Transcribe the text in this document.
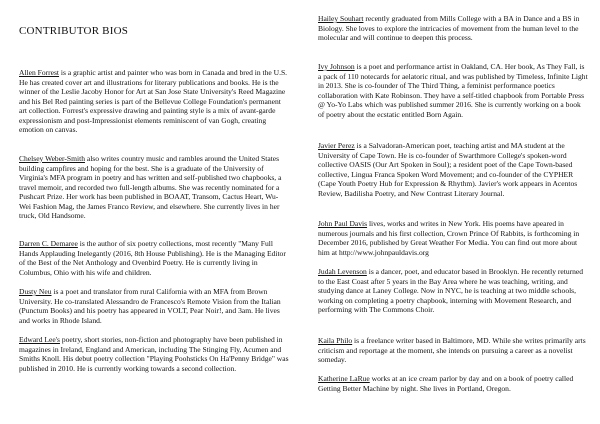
CONTRIBUTOR BIOS

Allen Forrest is a graphic artist and painter who was born in Canada and bred in the U.S. He has created cover art and illustrations for literary publications and books. He is the winner of the Leslie Jacoby Honor for Art at San Jose State University's Reed Magazine and his Bel Red painting series is part of the Bellevue College Foundation's permanent art collection. Forrest's expressive drawing and painting style is a mix of avant-garde expressionism and post-Impressionist elements reminiscent of van Gogh, creating emotion on canvas.

Chelsey Weber-Smith also writes country music and rambles around the United States building campfires and hoping for the best. She is a graduate of the University of Virginia's MFA program in poetry and has written and self-published two chapbooks, a travel memoir, and recorded two full-length albums. She was recently nominated for a Pushcart Prize. Her work has been published in BOAAT, Transom, Cactus Heart, Wu-Wei Fashion Mag, the James Franco Review, and elsewhere. She currently lives in her truck, Old Handsome.

Darren C. Demaree is the author of six poetry collections, most recently "Many Full Hands Applauding Inelegantly (2016, 8th House Publishing). He is the Managing Editor of the Best of the Net Anthology and Ovenbird Poetry. He is currently living in Columbus, Ohio with his wife and children.

Dusty Neu is a poet and translator from rural California with an MFA from Brown University. He co-translated Alessandro de Francesco's Remote Vision from the Italian (Punctum Books) and his poetry has appeared in VOLT, Pear Noir!, and 3am. He lives and works in Rhode Island.

Edward Lee's poetry, short stories, non-fiction and photography have been published in magazines in Ireland, England and American, including The Stinging Fly, Acumen and Smiths Knoll. His debut poetry collection "Playing Poohsticks On Ha'Penny Bridge" was published in 2010. He is currently working towards a second collection.

Hailey Souhart recently graduated from Mills College with a BA in Dance and a BS in Biology. She loves to explore the intricacies of movement from the human level to the molecular and will continue to deepen this process.

Ivy Johnson is a poet and performance artist in Oakland, CA. Her book, As They Fall, is a pack of 110 notecards for aelatoric ritual, and was published by Timeless, Infinite Light in 2013. She is co-founder of The Third Thing, a feminist performance poetics collaboration with Kate Robinson. They have a self-titled chapbook from Portable Press @ Yo-Yo Labs which was published summer 2016. She is currently working on a book of poetry about the ecstatic entitled Born Again.

Javier Perez is a Salvadoran-American poet, teaching artist and MA student at the University of Cape Town. He is co-founder of Swarthmore College's spoken-word collective OASIS (Our Art Spoken in Soul); a resident poet of the Cape Town-based collective, Lingua Franca Spoken Word Movement; and co-founder of the CYPHER (Cape Youth Poetry Hub for Expression & Rhythm). Javier's work appears in Acentos Review, Badilisha Poetry, and New Contrast Literary Journal.

John Paul Davis lives, works and writes in New York. His poems have apeared in numerous journals and his first collection, Crown Prince Of Rabbits, is forthcoming in December 2016, published by Great Weather For Media. You can find out more about him at http://www.johnpauldavis.org

Judah Levenson is a dancer, poet, and educator based in Brooklyn. He recently returned to the East Coast after 5 years in the Bay Area where he was teaching, writing, and studying dance at Laney College. Now in NYC, he is teaching at two middle schools, working on completing a poetry chapbook, interning with Movement Research, and performing with The Commons Choir.

Kaila Philo is a freelance writer based in Baltimore, MD. While she writes primarily arts criticism and reportage at the moment, she intends on pursuing a career as a novelist someday.

Katherine LaRue works at an ice cream parlor by day and on a book of poetry called Getting Better Machine by night. She lives in Portland, Oregon.
